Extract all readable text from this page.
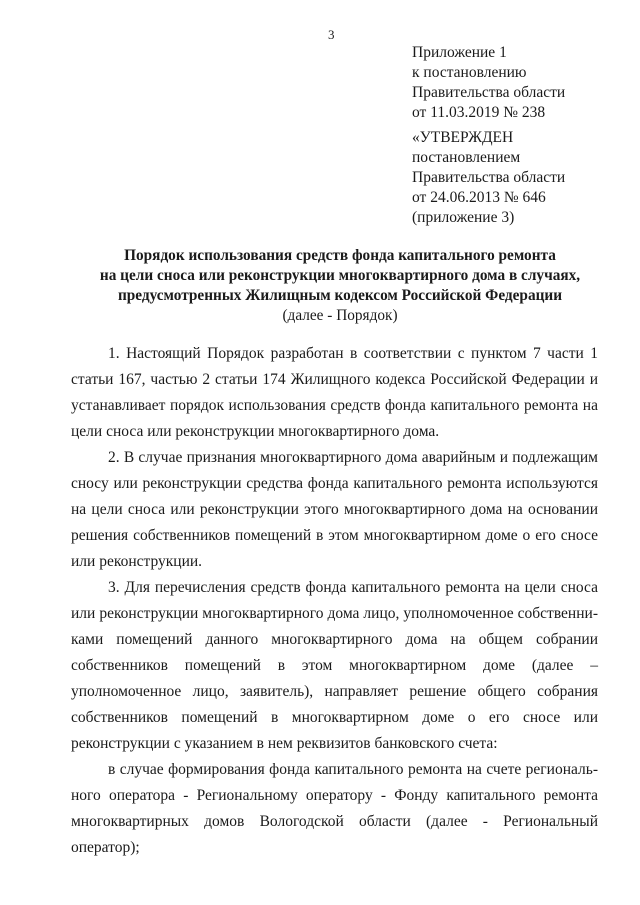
3
Приложение 1
к постановлению
Правительства области
от 11.03.2019 № 238
«УТВЕРЖДЕН
постановлением
Правительства области
от 24.06.2013 № 646
(приложение 3)
Порядок использования средств фонда капитального ремонта
на цели сноса или реконструкции многоквартирного дома в случаях,
предусмотренных Жилищным кодексом Российской Федерации
(далее - Порядок)

1. Настоящий Порядок разработан в соответствии с пунктом 7 части 1 статьи 167, частью 2 статьи 174 Жилищного кодекса Российской Федерации и устанавливает порядок использования средств фонда капитального ремонта на цели сноса или реконструкции многоквартирного дома.

2. В случае признания многоквартирного дома аварийным и подлежащим сносу или реконструкции средства фонда капитального ремонта используются на цели сноса или реконструкции этого многоквартирного дома на основании решения собственников помещений в этом многоквартирном доме о его сносе или реконструкции.

3. Для перечисления средств фонда капитального ремонта на цели сноса или реконструкции многоквартирного дома лицо, уполномоченное собственниками помещений данного многоквартирного дома на общем собрании собственников помещений в этом многоквартирном доме (далее – уполномоченное лицо, заявитель), направляет решение общего собрания собственников помещений в многоквартирном доме о его сносе или реконструкции с указанием в нем реквизитов банковского счета:

в случае формирования фонда капитального ремонта на счете регионального оператора - Региональному оператору - Фонду капитального ремонта многоквартирных домов Вологодской области (далее - Региональный оператор);
